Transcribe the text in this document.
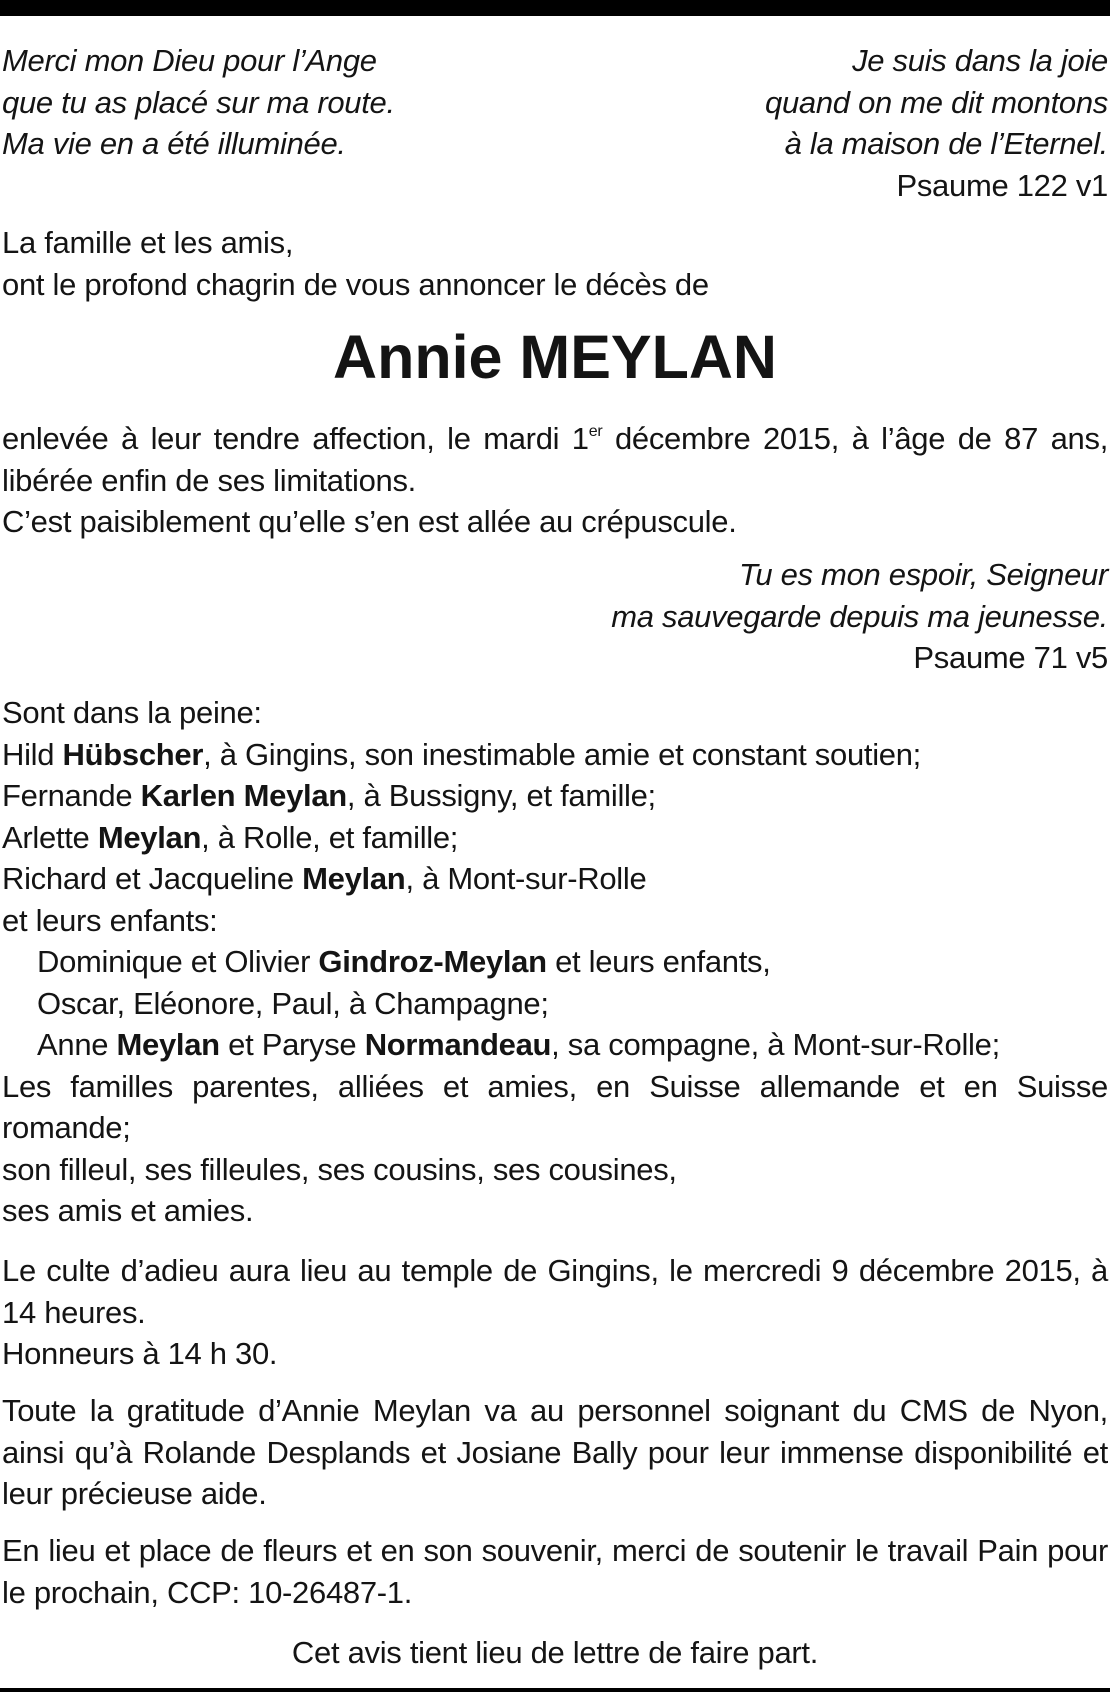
Merci mon Dieu pour l’Ange
que tu as placé sur ma route.
Ma vie en a été illuminée.
Je suis dans la joie
quand on me dit montons
à la maison de l’Eternel.
Psaume 122 v1
La famille et les amis,
ont le profond chagrin de vous annoncer le décès de
Annie MEYLAN
enlevée à leur tendre affection, le mardi 1er décembre 2015, à l’âge de 87 ans, libérée enfin de ses limitations.
C’est paisiblement qu’elle s’en est allée au crépuscule.
Tu es mon espoir, Seigneur
ma sauvegarde depuis ma jeunesse.
Psaume 71 v5
Sont dans la peine:
Hild Hübscher, à Gingins, son inestimable amie et constant soutien;
Fernande Karlen Meylan, à Bussigny, et famille;
Arlette Meylan, à Rolle, et famille;
Richard et Jacqueline Meylan, à Mont-sur-Rolle
et leurs enfants:
Dominique et Olivier Gindroz-Meylan et leurs enfants,
Oscar, Eléonore, Paul, à Champagne;
Anne Meylan et Paryse Normandeau, sa compagne, à Mont-sur-Rolle;
Les familles parentes, alliées et amies, en Suisse allemande et en Suisse romande;
son filleul, ses filleules, ses cousins, ses cousines,
ses amis et amies.
Le culte d’adieu aura lieu au temple de Gingins, le mercredi 9 décembre 2015, à 14 heures.
Honneurs à 14 h 30.
Toute la gratitude d’Annie Meylan va au personnel soignant du CMS de Nyon, ainsi qu’à Rolande Desplands et Josiane Bally pour leur immense disponibilité et leur précieuse aide.
En lieu et place de fleurs et en son souvenir, merci de soutenir le travail Pain pour le prochain, CCP: 10-26487-1.
Cet avis tient lieu de lettre de faire part.
